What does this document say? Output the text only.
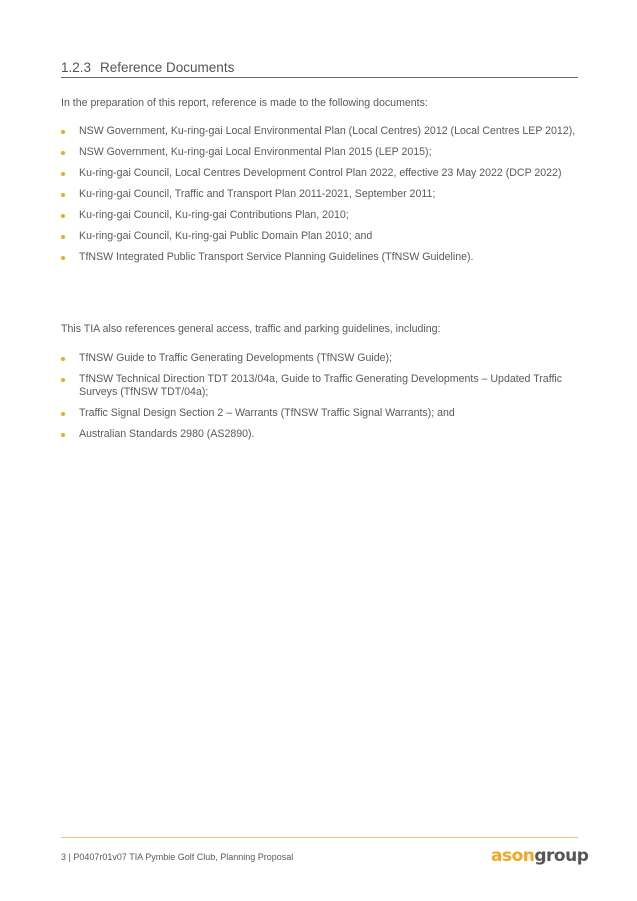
1.2.3 Reference Documents
In the preparation of this report, reference is made to the following documents:
NSW Government, Ku-ring-gai Local Environmental Plan (Local Centres) 2012 (Local Centres LEP 2012),
NSW Government, Ku-ring-gai Local Environmental Plan 2015 (LEP 2015);
Ku-ring-gai Council, Local Centres Development Control Plan 2022, effective 23 May 2022 (DCP 2022)
Ku-ring-gai Council, Traffic and Transport Plan 2011-2021, September 2011;
Ku-ring-gai Council, Ku-ring-gai Contributions Plan, 2010;
Ku-ring-gai Council, Ku-ring-gai Public Domain Plan 2010; and
TfNSW Integrated Public Transport Service Planning Guidelines (TfNSW Guideline).
This TIA also references general access, traffic and parking guidelines, including:
TfNSW Guide to Traffic Generating Developments (TfNSW Guide);
TfNSW Technical Direction TDT 2013/04a, Guide to Traffic Generating Developments – Updated Traffic Surveys (TfNSW TDT/04a);
Traffic Signal Design Section 2 – Warrants (TfNSW Traffic Signal Warrants); and
Australian Standards 2980 (AS2890).
3 | P0407r01v07 TIA Pymbie Golf Club, Planning Proposal	asongroup
